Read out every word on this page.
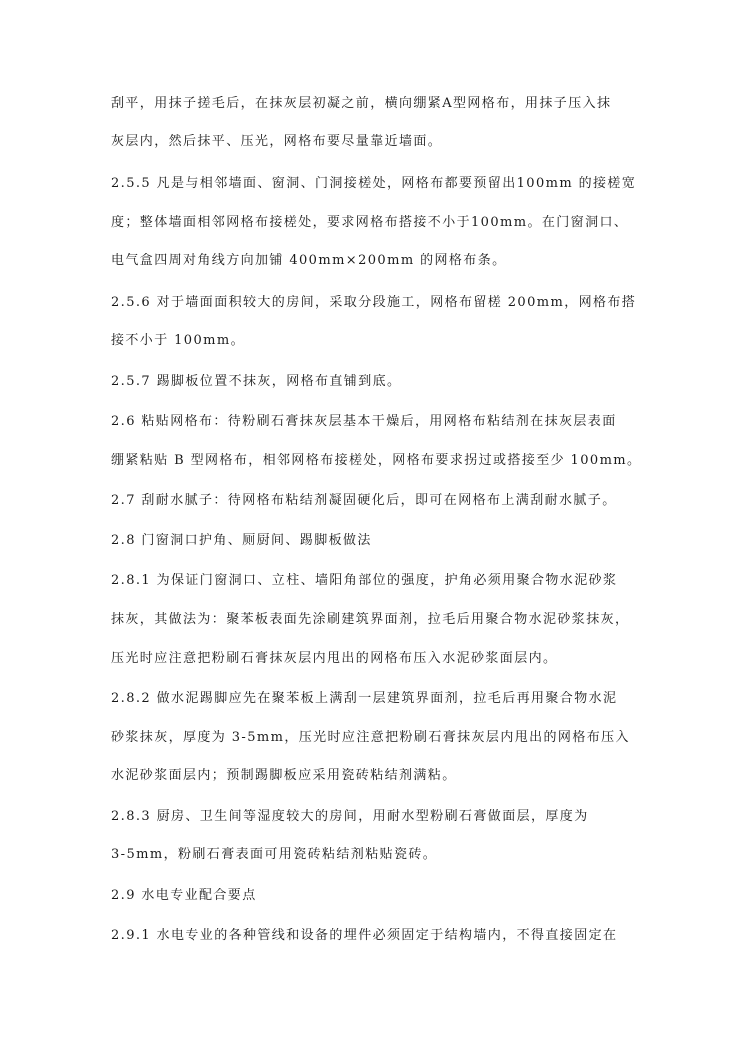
刮平，用抹子搓毛后，在抹灰层初凝之前，横向绷紧A型网格布，用抹子压入抹
灰层内，然后抹平、压光，网格布要尽量靠近墙面。
2.5.5 凡是与相邻墙面、窗洞、门洞接槎处，网格布都要预留出100mm 的接槎宽
度；整体墙面相邻网格布接槎处，要求网格布搭接不小于100mm。在门窗洞口、
电气盒四周对角线方向加铺 400mm×200mm 的网格布条。
2.5.6 对于墙面面积较大的房间，采取分段施工，网格布留槎 200mm，网格布搭
接不小于 100mm。
2.5.7 踢脚板位置不抹灰，网格布直铺到底。
2.6 粘贴网格布：待粉刷石膏抹灰层基本干燥后，用网格布粘结剂在抹灰层表面
绷紧粘贴 B 型网格布，相邻网格布接槎处，网格布要求拐过或搭接至少 100mm。
2.7 刮耐水腻子：待网格布粘结剂凝固硬化后，即可在网格布上满刮耐水腻子。
2.8 门窗洞口护角、厕厨间、踢脚板做法
2.8.1 为保证门窗洞口、立柱、墙阳角部位的强度，护角必须用聚合物水泥砂浆
抹灰，其做法为：聚苯板表面先涂刷建筑界面剂，拉毛后用聚合物水泥砂浆抹灰，
压光时应注意把粉刷石膏抹灰层内甩出的网格布压入水泥砂浆面层内。
2.8.2 做水泥踢脚应先在聚苯板上满刮一层建筑界面剂，拉毛后再用聚合物水泥
砂浆抹灰，厚度为 3-5mm，压光时应注意把粉刷石膏抹灰层内甩出的网格布压入
水泥砂浆面层内；预制踢脚板应采用瓷砖粘结剂满粘。
2.8.3 厨房、卫生间等湿度较大的房间，用耐水型粉刷石膏做面层，厚度为
3-5mm，粉刷石膏表面可用瓷砖粘结剂粘贴瓷砖。
2.9 水电专业配合要点
2.9.1 水电专业的各种管线和设备的埋件必须固定于结构墙内，不得直接固定在
